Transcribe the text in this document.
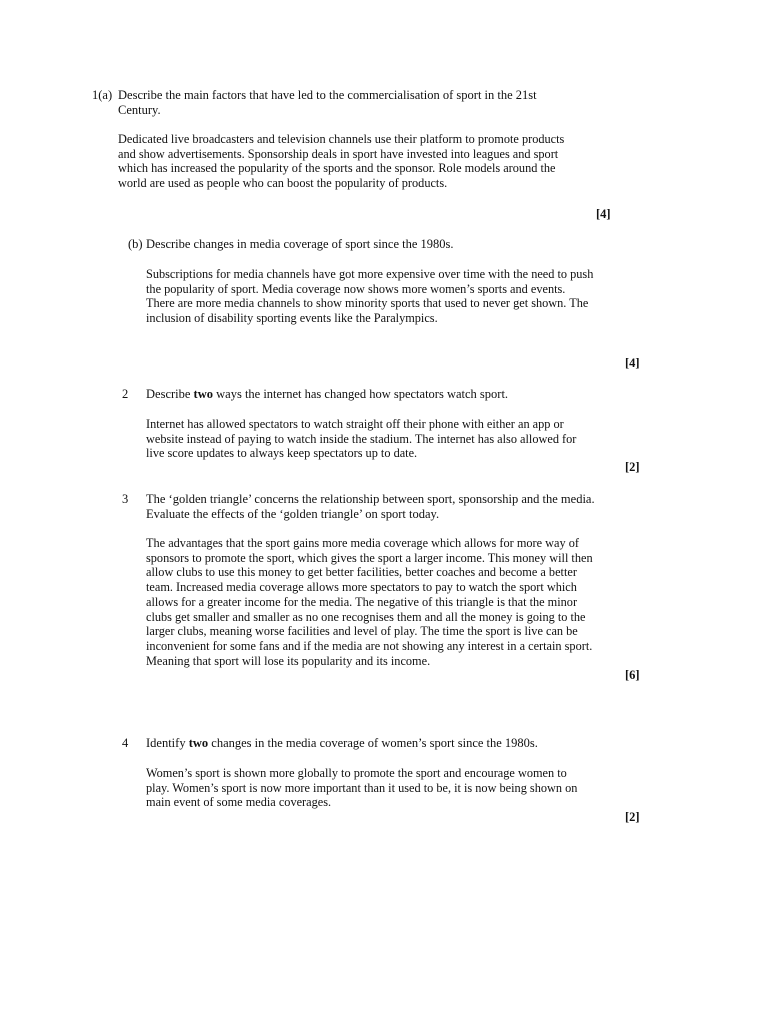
1(a) Describe the main factors that have led to the commercialisation of sport in the 21st
Century.
Dedicated live broadcasters and television channels use their platform to promote products
and show advertisements. Sponsorship deals in sport have invested into leagues and sport
which has increased the popularity of the sports and the sponsor. Role models around the
world are used as people who can boost the popularity of products.
[4]
(b) Describe changes in media coverage of sport since the 1980s.
Subscriptions for media channels have got more expensive over time with the need to push
the popularity of sport. Media coverage now shows more women’s sports and events.
There are more media channels to show minority sports that used to never get shown. The
inclusion of disability sporting events like the Paralympics.
[4]
2 Describe two ways the internet has changed how spectators watch sport.
Internet has allowed spectators to watch straight off their phone with either an app or
website instead of paying to watch inside the stadium. The internet has also allowed for
live score updates to always keep spectators up to date.
[2]
3 The ‘golden triangle’ concerns the relationship between sport, sponsorship and the media.
Evaluate the effects of the ‘golden triangle’ on sport today.
The advantages that the sport gains more media coverage which allows for more way of
sponsors to promote the sport, which gives the sport a larger income. This money will then
allow clubs to use this money to get better facilities, better coaches and become a better
team. Increased media coverage allows more spectators to pay to watch the sport which
allows for a greater income for the media. The negative of this triangle is that the minor
clubs get smaller and smaller as no one recognises them and all the money is going to the
larger clubs, meaning worse facilities and level of play. The time the sport is live can be
inconvenient for some fans and if the media are not showing any interest in a certain sport.
Meaning that sport will lose its popularity and its income.
[6]
4 Identify two changes in the media coverage of women’s sport since the 1980s.
Women’s sport is shown more globally to promote the sport and encourage women to
play. Women’s sport is now more important than it used to be, it is now being shown on
main event of some media coverages.
[2]
